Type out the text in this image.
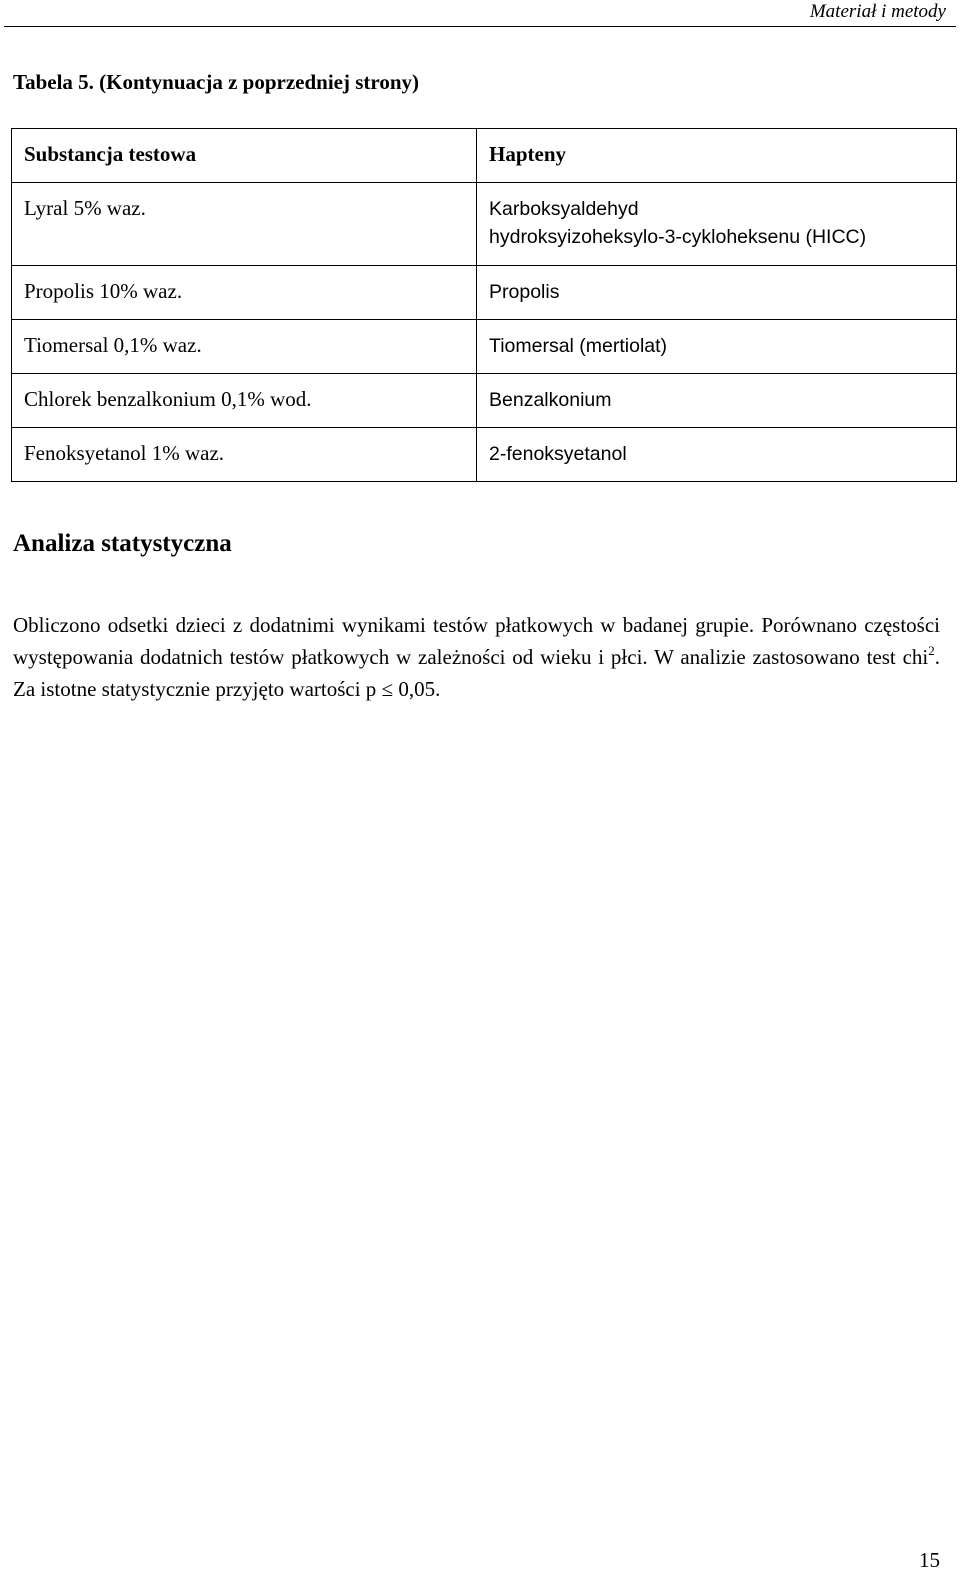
Materiał i metody
Tabela 5. (Kontynuacja z poprzedniej strony)
Substancja testowa	Hapteny
Lyral 5% waz.	Karboksyaldehyd
hydroksyizoheksylo-3-cykloheksenu (HICC)

Propolis 10% waz.	Propolis

Tiomersal 0,1% waz.	Tiomersal (mertiolat)

Chlorek benzalkonium 0,1% wod.	Benzalkonium

Fenoksyetanol 1% waz.	2-fenoksyetanol
Analiza statystyczna

Obliczono odsetki dzieci z dodatnimi wynikami testów płatkowych w badanej grupie. Porównano częstości występowania dodatnich testów płatkowych w zależności od wieku i płci. W analizie zastosowano test chi$^2$. Za istotne statystycznie przyjęto wartości p ≤ 0,05.

15
